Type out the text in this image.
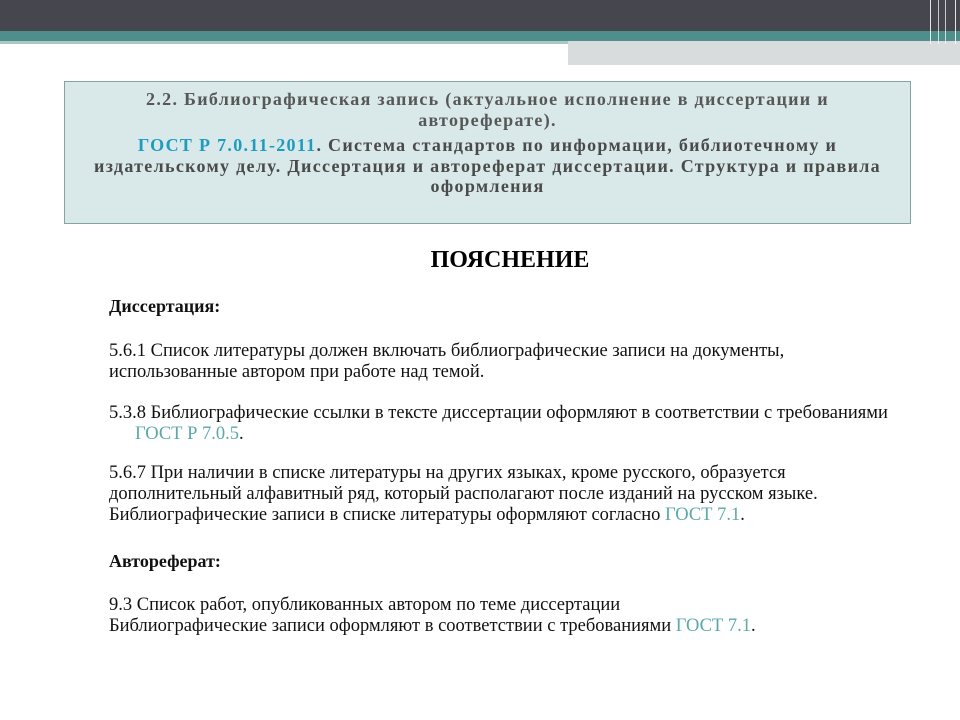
2.2. Библиографическая запись (актуальное исполнение в диссертации и
автореферате).
ГОСТ Р 7.0.11-2011. Система стандартов по информации, библиотечному и
издательскому делу. Диссертация и автореферат диссертации. Структура и правила
оформления
ПОЯСНЕНИЕ
Диссертация:
5.6.1 Список литературы должен включать библиографические записи на документы,
использованные автором при работе над темой.
5.3.8 Библиографические ссылки в тексте диссертации оформляют в соответствии с требованиями
ГОСТ Р 7.0.5.
5.6.7 При наличии в списке литературы на других языках, кроме русского, образуется
дополнительный алфавитный ряд, который располагают после изданий на русском языке.
Библиографические записи в списке литературы оформляют согласно ГОСТ 7.1.
Автореферат:
9.3 Список работ, опубликованных автором по теме диссертации
Библиографические записи оформляют в соответствии с требованиями ГОСТ 7.1.
